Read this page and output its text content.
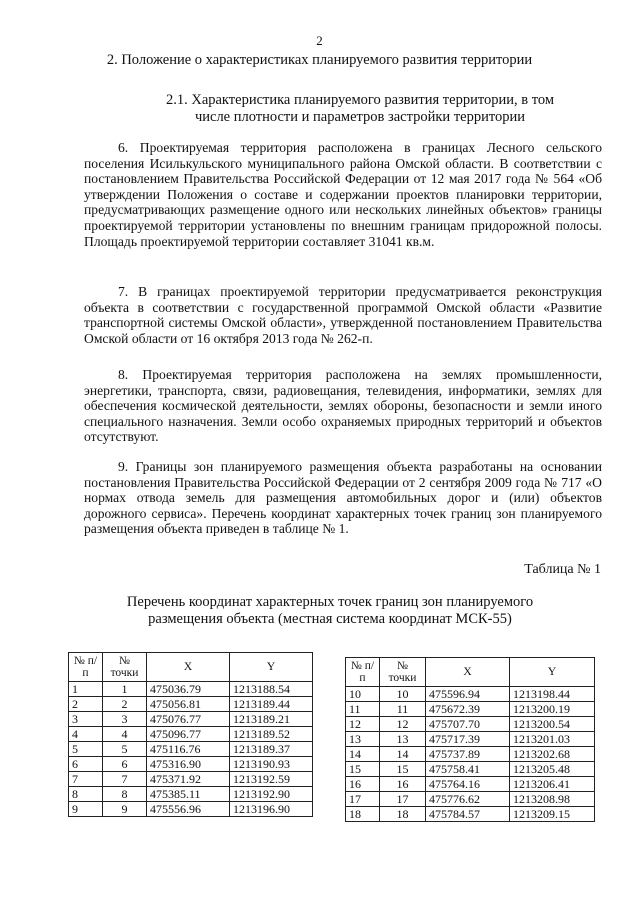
2
2. Положение о характеристиках планируемого развития территории
2.1. Характеристика планируемого развития территории, в том числе плотности и параметров застройки территории

6. Проектируемая территория расположена в границах Лесного сельского поселения Исилькульского муниципального района Омской области. В соответствии с постановлением Правительства Российской Федерации от 12 мая 2017 года № 564 «Об утверждении Положения о составе и содержании проектов планировки территории, предусматривающих размещение одного или нескольких линейных объектов» границы проектируемой территории установлены по внешним границам придорожной полосы. Площадь проектируемой территории составляет 31041 кв.м.

7. В границах проектируемой территории предусматривается реконструкция объекта в соответствии с государственной программой Омской области «Развитие транспортной системы Омской области», утвержденной постановлением Правительства Омской области от 16 октября 2013 года № 262-п.

8. Проектируемая территория расположена на землях промышленности, энергетики, транспорта, связи, радиовещания, телевидения, информатики, землях для обеспечения космической деятельности, землях обороны, безопасности и земли иного специального назначения. Земли особо охраняемых природных территорий и объектов отсутствуют.

9. Границы зон планируемого размещения объекта разработаны на основании постановления Правительства Российской Федерации от 2 сентября 2009 года № 717 «О нормах отвода земель для размещения автомобильных дорог и (или) объектов дорожного сервиса». Перечень координат характерных точек границ зон планируемого размещения объекта приведен в таблице № 1.

Таблица № 1
Перечень координат характерных точек границ зон планируемого размещения объекта (местная система координат МСК-55)
№ п/п	№ точки	X	Y
1	1	475036.79	1213188.54
2	2	475056.81	1213189.44
3	3	475076.77	1213189.21
4	4	475096.77	1213189.52
5	5	475116.76	1213189.37
6	6	475316.90	1213190.93
7	7	475371.92	1213192.59
8	8	475385.11	1213192.90
9	9	475556.96	1213196.90
№ п/п	№ точки	X	Y
10	10	475596.94	1213198.44
11	11	475672.39	1213200.19
12	12	475707.70	1213200.54
13	13	475717.39	1213201.03
14	14	475737.89	1213202.68
15	15	475758.41	1213205.48
16	16	475764.16	1213206.41
17	17	475776.62	1213208.98
18	18	475784.57	1213209.15
